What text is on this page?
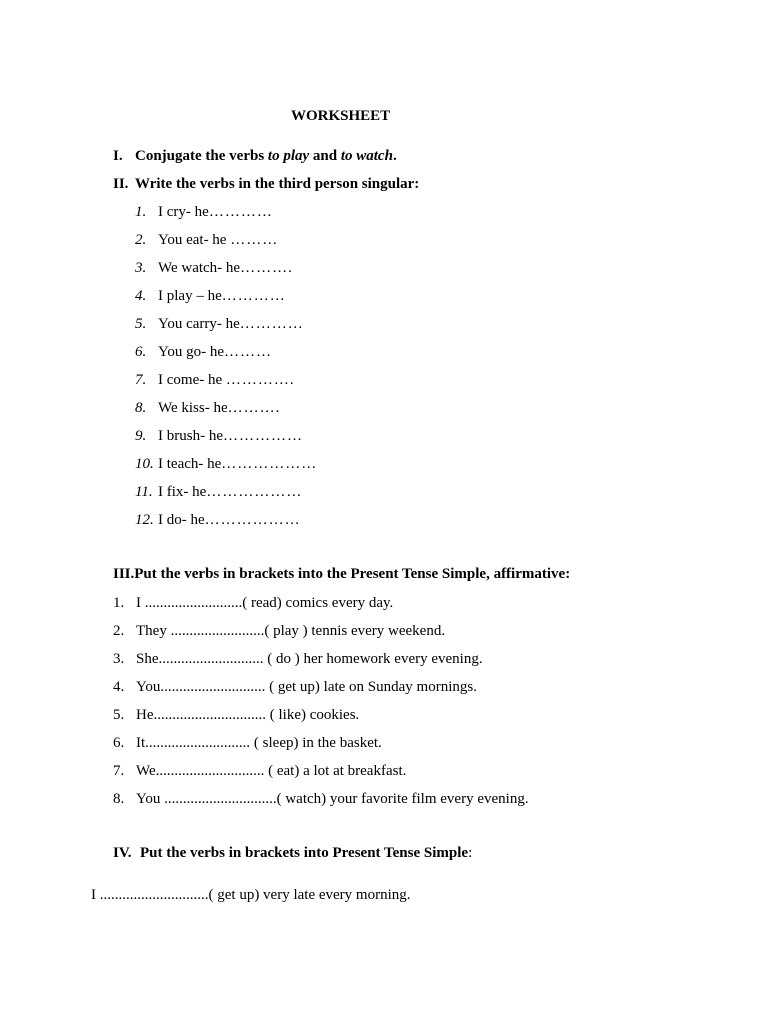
WORKSHEET
I. Conjugate the verbs to play and to watch.
II. Write the verbs in the third person singular:
1. I cry- he…………
2. You eat- he ………
3. We watch- he……….
4. I play – he…………
5. You carry- he…………
6. You go- he………
7. I come- he ………….
8. We kiss- he……….
9. I brush- he……………
10. I teach- he………………
11. I fix- he………………
12. I do- he………………
III.Put the verbs in brackets into the Present Tense Simple, affirmative:
1. I ..........................( read) comics every day.
2. They .........................( play ) tennis every weekend.
3. She............................ ( do ) her homework every evening.
4. You............................ ( get up) late on Sunday mornings.
5. He.............................. ( like) cookies.
6. It............................ ( sleep) in the basket.
7. We............................. ( eat) a lot at breakfast.
8. You ..............................( watch) your favorite film every evening.
IV. Put the verbs in brackets into Present Tense Simple:
I .............................( get up) very late every morning.
